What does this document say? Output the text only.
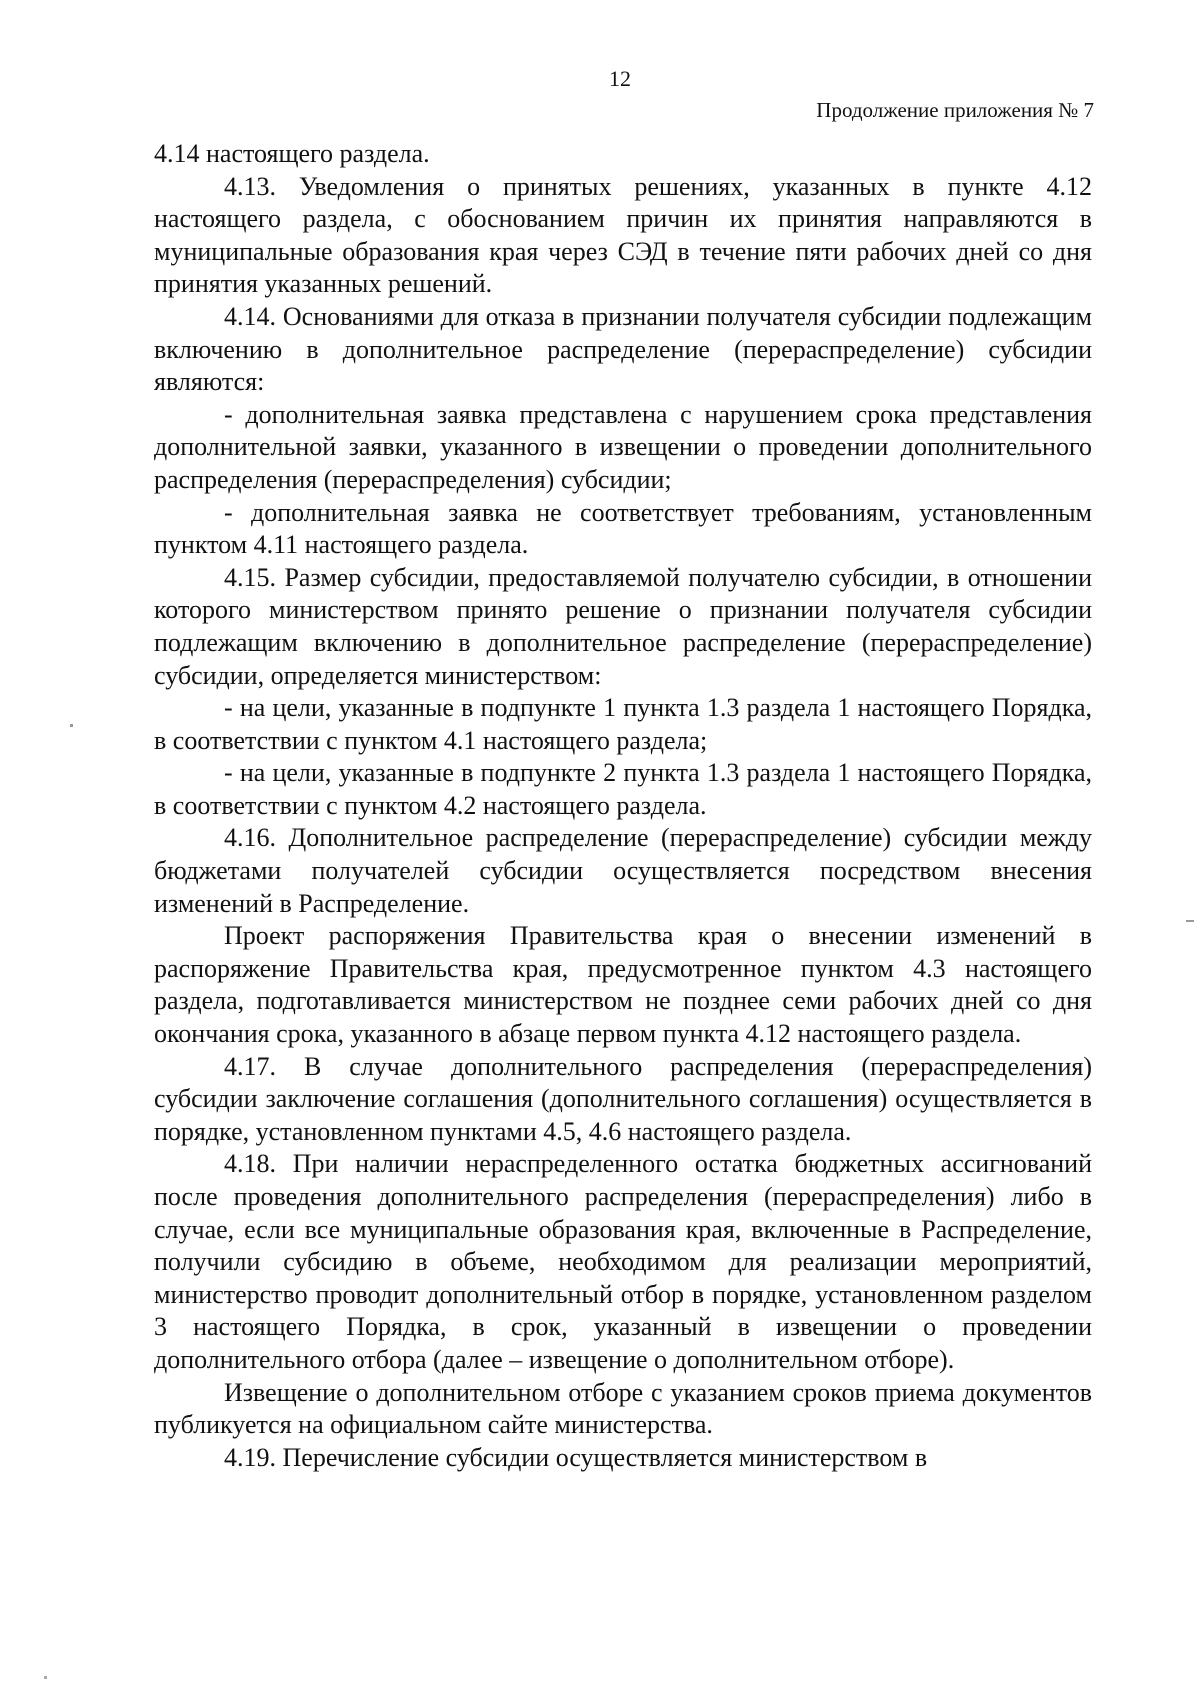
12
Продолжение приложения № 7

4.14 настоящего раздела.

4.13. Уведомления о принятых решениях, указанных в пункте 4.12 настоящего раздела, с обоснованием причин их принятия направляются в муниципальные образования края через СЭД в течение пяти рабочих дней со дня принятия указанных решений.

4.14. Основаниями для отказа в признании получателя субсидии подлежащим включению в дополнительное распределение (перераспределение) субсидии являются:

- дополнительная заявка представлена с нарушением срока представления дополнительной заявки, указанного в извещении о проведении дополнительного распределения (перераспределения) субсидии;

- дополнительная заявка не соответствует требованиям, установленным пунктом 4.11 настоящего раздела.

4.15. Размер субсидии, предоставляемой получателю субсидии, в отношении которого министерством принято решение о признании получателя субсидии подлежащим включению в дополнительное распределение (перераспределение) субсидии, определяется министерством:

- на цели, указанные в подпункте 1 пункта 1.3 раздела 1 настоящего Порядка, в соответствии с пунктом 4.1 настоящего раздела;

- на цели, указанные в подпункте 2 пункта 1.3 раздела 1 настоящего Порядка, в соответствии с пунктом 4.2 настоящего раздела.

4.16. Дополнительное распределение (перераспределение) субсидии между бюджетами получателей субсидии осуществляется посредством внесения изменений в Распределение.

Проект распоряжения Правительства края о внесении изменений в распоряжение Правительства края, предусмотренное пунктом 4.3 настоящего раздела, подготавливается министерством не позднее семи рабочих дней со дня окончания срока, указанного в абзаце первом пункта 4.12 настоящего раздела.

4.17. В случае дополнительного распределения (перераспределения) субсидии заключение соглашения (дополнительного соглашения) осуществляется в порядке, установленном пунктами 4.5, 4.6 настоящего раздела.

4.18. При наличии нераспределенного остатка бюджетных ассигнований после проведения дополнительного распределения (перераспределения) либо в случае, если все муниципальные образования края, включенные в Распределение, получили субсидию в объеме, необходимом для реализации мероприятий, министерство проводит дополнительный отбор в порядке, установленном разделом 3 настоящего Порядка, в срок, указанный в извещении о проведении дополнительного отбора (далее – извещение о дополнительном отборе).

Извещение о дополнительном отборе с указанием сроков приема документов публикуется на официальном сайте министерства.

4.19. Перечисление субсидии осуществляется министерством в
